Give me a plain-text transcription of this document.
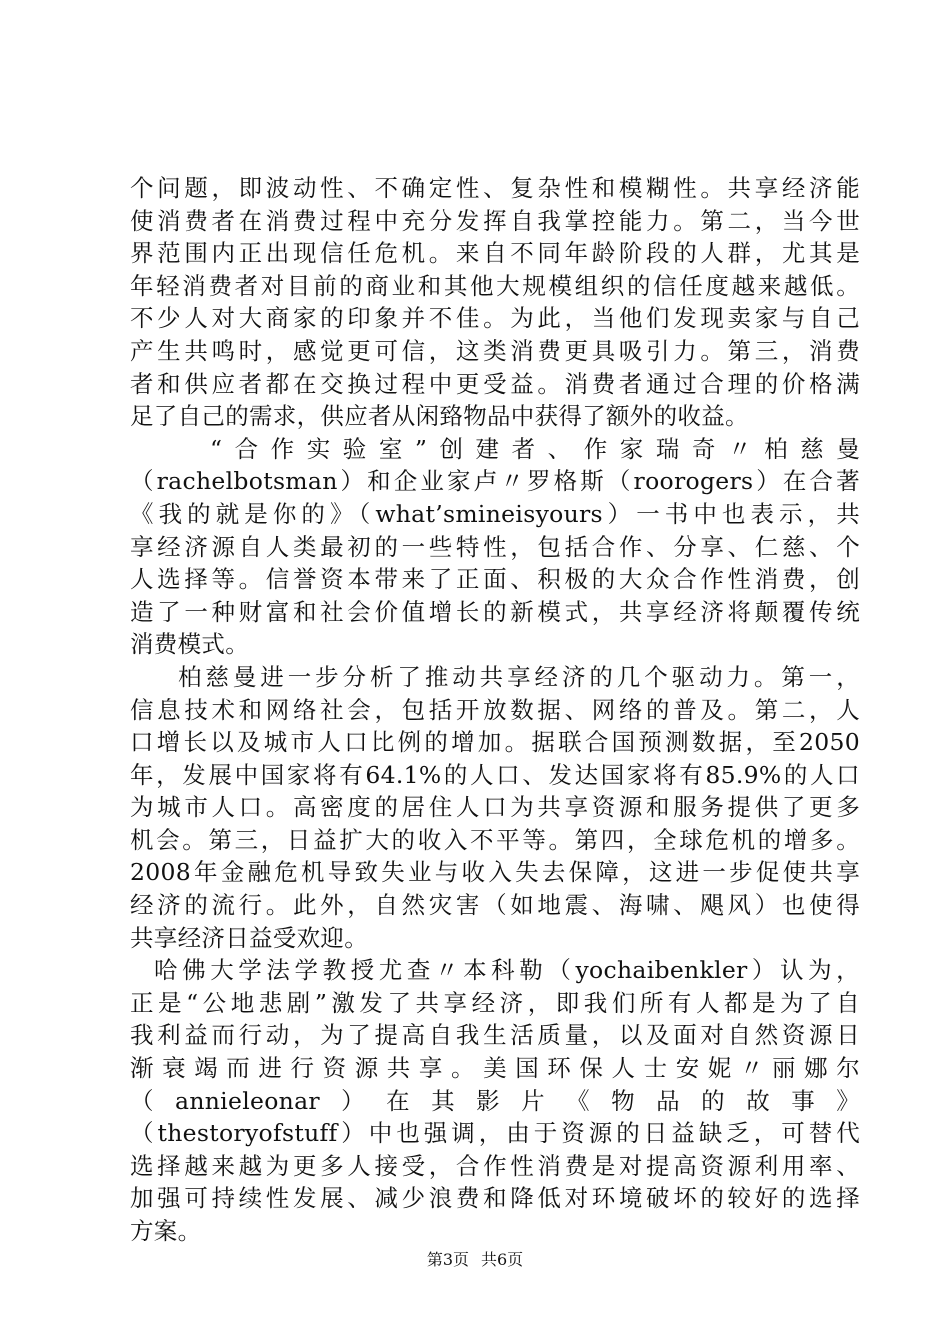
个问题，即波动性、不确定性、复杂性和模糊性。共享经济能
使消费者在消费过程中充分发挥自我掌控能力。第二，当今世
界范围内正出现信任危机。来自不同年龄阶段的人群，尤其是
年轻消费者对目前的商业和其他大规模组织的信任度越来越低。
不少人对大商家的印象并不佳。为此，当他们发现卖家与自己
产生共鸣时，感觉更可信，这类消费更具吸引力。第三，消费
者和供应者都在交换过程中更受益。消费者通过合理的价格满
足了自己的需求，供应者从闲臵物品中获得了额外的收益。
“合作实验室”创建者、作家瑞奇〃柏慈曼
（rachelbotsman）和企业家卢〃罗格斯（roorogers）在合著
《我的就是你的》（what’smineisyours）一书中也表示，共
享经济源自人类最初的一些特性，包括合作、分享、仁慈、个
人选择等。信誉资本带来了正面、积极的大众合作性消费，创
造了一种财富和社会价值增长的新模式，共享经济将颠覆传统
消费模式。
柏慈曼进一步分析了推动共享经济的几个驱动力。第一，
信息技术和网络社会，包括开放数据、网络的普及。第二，人
口增长以及城市人口比例的增加。据联合国预测数据，至2050
年，发展中国家将有64.1%的人口、发达国家将有85.9%的人口
为城市人口。高密度的居住人口为共享资源和服务提供了更多
机会。第三，日益扩大的收入不平等。第四，全球危机的增多。
2008年金融危机导致失业与收入失去保障，这进一步促使共享
经济的流行。此外，自然灾害（如地震、海啸、飓风）也使得
共享经济日益受欢迎。
哈佛大学法学教授尤查〃本科勒（yochaibenkler）认为，
正是“公地悲剧”激发了共享经济，即我们所有人都是为了自
我利益而行动，为了提高自我生活质量，以及面对自然资源日
渐衰竭而进行资源共享。美国环保人士安妮〃丽娜尔
（annieleonar）在其影片《物品的故事》
（thestoryofstuff）中也强调，由于资源的日益缺乏，可替代
选择越来越为更多人接受，合作性消费是对提高资源利用率、
加强可持续性发展、减少浪费和降低对环境破坏的较好的选择
方案。
第3页 共6页
